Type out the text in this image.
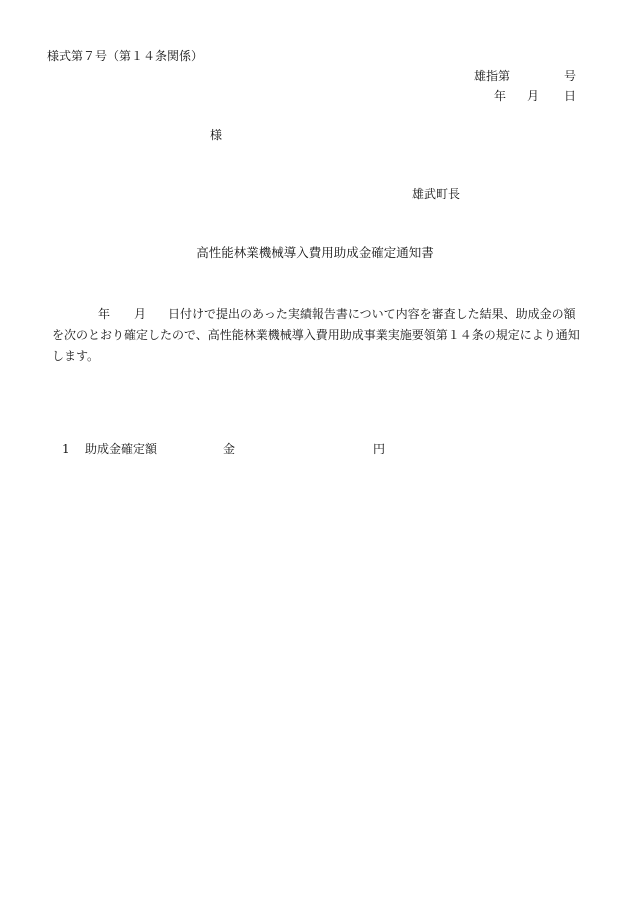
様式第７号（第１４条関係）
雄指第	号
年 月 日
様
雄武町長
高性能林業機械導入費用助成金確定通知書
年 月 日付けで提出のあった実績報告書について内容を審査した結果、助成金の額を次のとおり確定したので、高性能林業機械導入費用助成事業実施要領第１４条の規定により通知します。
1 助成金確定額	金	円
